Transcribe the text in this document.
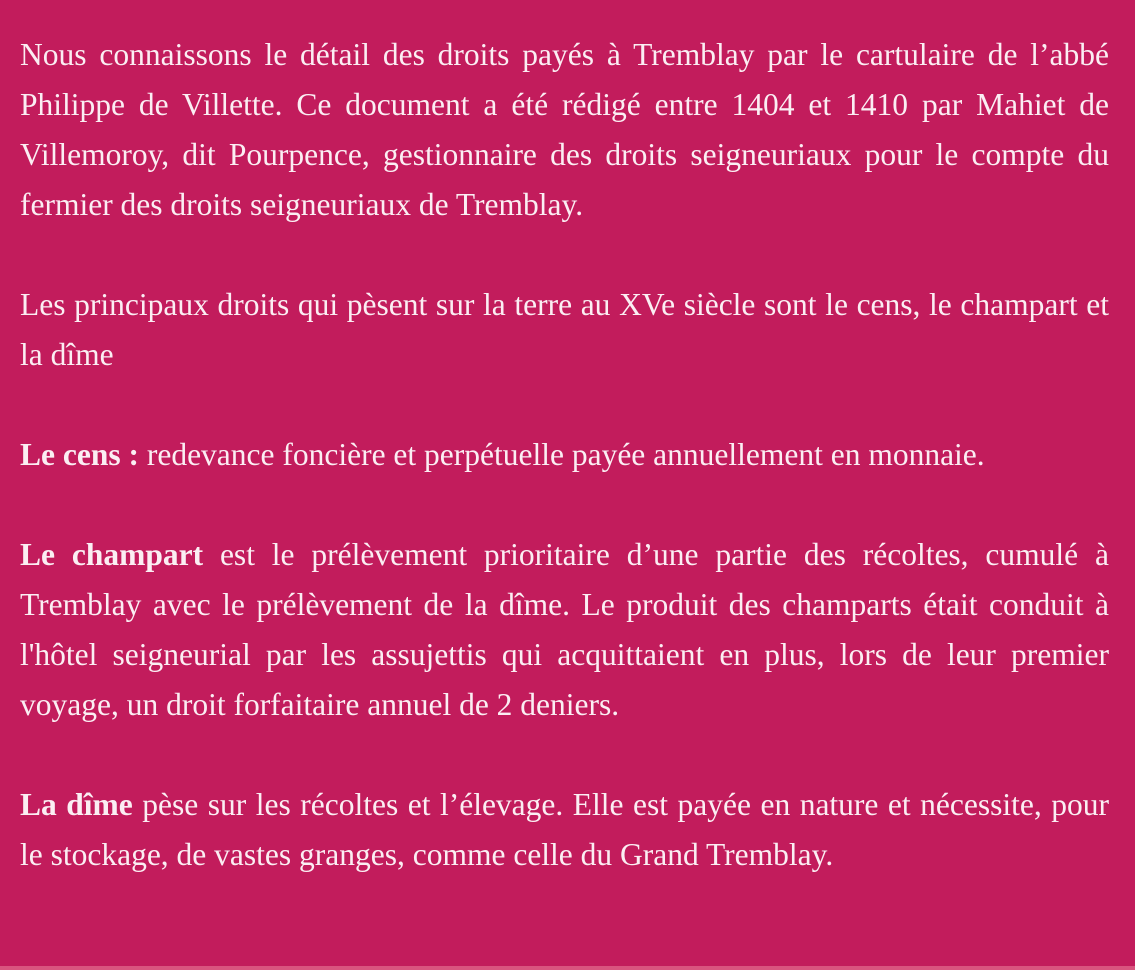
Nous connaissons le détail des droits payés à Tremblay par le cartulaire de l’abbé Philippe de Villette. Ce document a été rédigé entre 1404 et 1410 par Mahiet de Villemoroy, dit Pourpence, gestionnaire des droits seigneuriaux pour le compte du fermier des droits seigneuriaux de Tremblay.

Les principaux droits qui pèsent sur la terre au XVe siècle sont le cens, le champart et la dîme

Le cens : redevance foncière et perpétuelle payée annuellement en monnaie.

Le champart est le prélèvement prioritaire d’une partie des récoltes, cumulé à Tremblay avec le prélèvement de la dîme. Le produit des champarts était conduit à l'hôtel seigneurial par les assujettis qui acquittaient en plus, lors de leur premier voyage, un droit forfaitaire annuel de 2 deniers.

La dîme pèse sur les récoltes et l’élevage. Elle est payée en nature et nécessite, pour le stockage, de vastes granges, comme celle du Grand Tremblay.
